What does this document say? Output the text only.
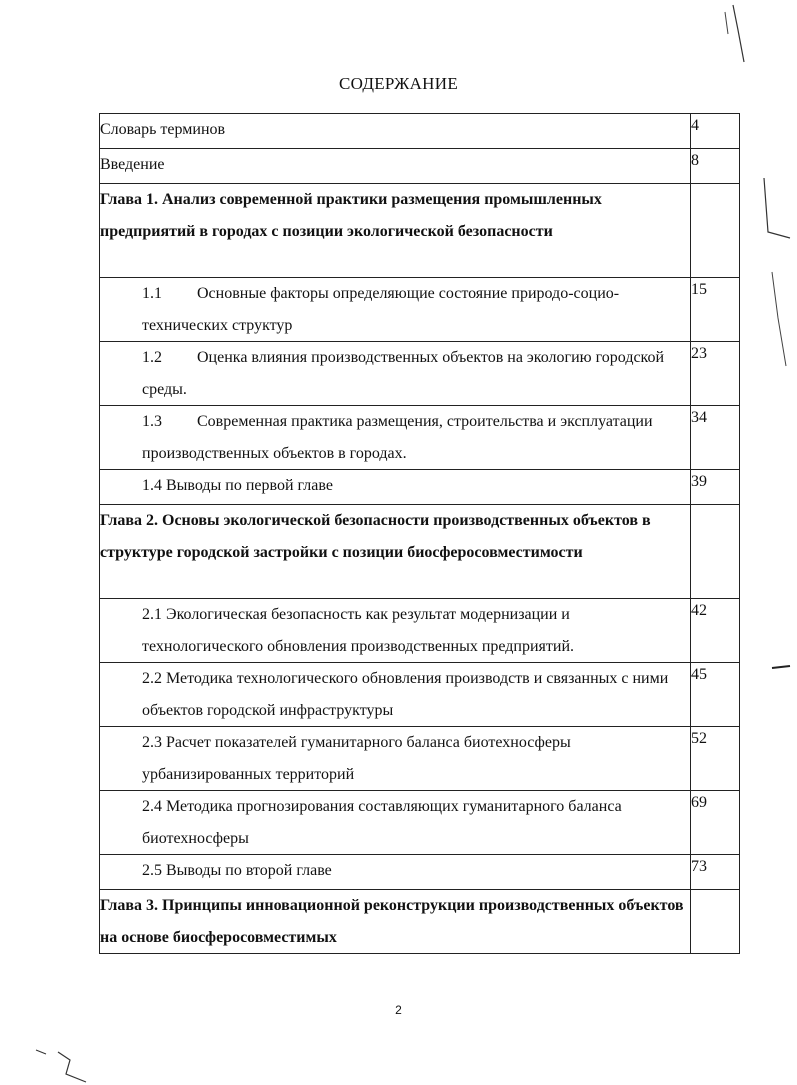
СОДЕРЖАНИЕ
Словарь терминов	4
Введение	8
Глава 1. Анализ современной практики размещения промышленных предприятий в городах с позиции экологической безопасности	
1.1 Основные факторы определяющие состояние природо-социо-технических структур	15
1.2 Оценка влияния производственных объектов на экологию городской среды.	23
1.3 Современная практика размещения, строительства и эксплуатации производственных объектов в городах.	34
1.4 Выводы по первой главе	39
Глава 2. Основы экологической безопасности производственных объектов в структуре городской застройки с позиции биосферосовместимости	
2.1 Экологическая безопасность как результат модернизации и технологического обновления производственных предприятий.	42
2.2 Методика технологического обновления производств и связанных с ними объектов городской инфраструктуры	45
2.3 Расчет показателей гуманитарного баланса биотехносферы урбанизированных территорий	52
2.4 Методика прогнозирования составляющих гуманитарного баланса биотехносферы	69
2.5 Выводы по второй главе	73

Глава 3. Принципы инновационной реконструкции производственных объектов на основе биосферосовместимых	

2
